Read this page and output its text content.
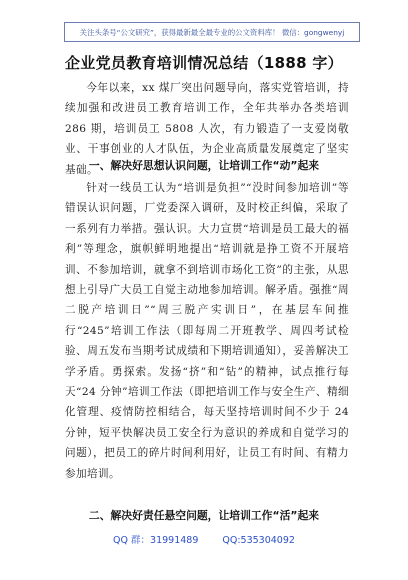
关注头条号“公文研究”，获得最新最全最专业的公文资料库！ 微信：gongwenyj
企业党员教育培训情况总结（1888 字）

今年以来，xx 煤厂突出问题导向，落实党管培训，持续加强和改进员工教育培训工作，全年共举办各类培训 286 期，培训员工 5808 人次，有力锻造了一支爱岗敬业、干事创业的人才队伍，为企业高质量发展奠定了坚实基础。

一、解决好思想认识问题，让培训工作“动”起来

针对一线员工认为“培训是负担”“没时间参加培训”等错误认识问题，厂党委深入调研，及时校正纠偏，采取了一系列有力举措。强认识。大力宣贯“培训是员工最大的福利”等理念，旗帜鲜明地提出“培训就是挣工资不开展培训、不参加培训，就拿不到培训市场化工资”的主张，从思想上引导广大员工自觉主动地参加培训。解矛盾。强推“周二脱产培训日”“周三脱产实训日”，在基层车间推行“245”培训工作法（即每周二开班教学、周四考试检验、周五发布当期考试成绩和下期培训通知），妥善解决工学矛盾。勇探索。发扬“挤”和“钻”的精神，试点推行每天“24 分钟”培训工作法（即把培训工作与安全生产、精细化管理、疫情防控相结合，每天坚持培训时间不少于 24 分钟，短平快解决员工安全行为意识的养成和自觉学习的问题），把员工的碎片时间利用好，让员工有时间、有精力参加培训。

二、解决好责任悬空问题，让培训工作“活”起来
QQ 群：31991489	QQ:535304092
